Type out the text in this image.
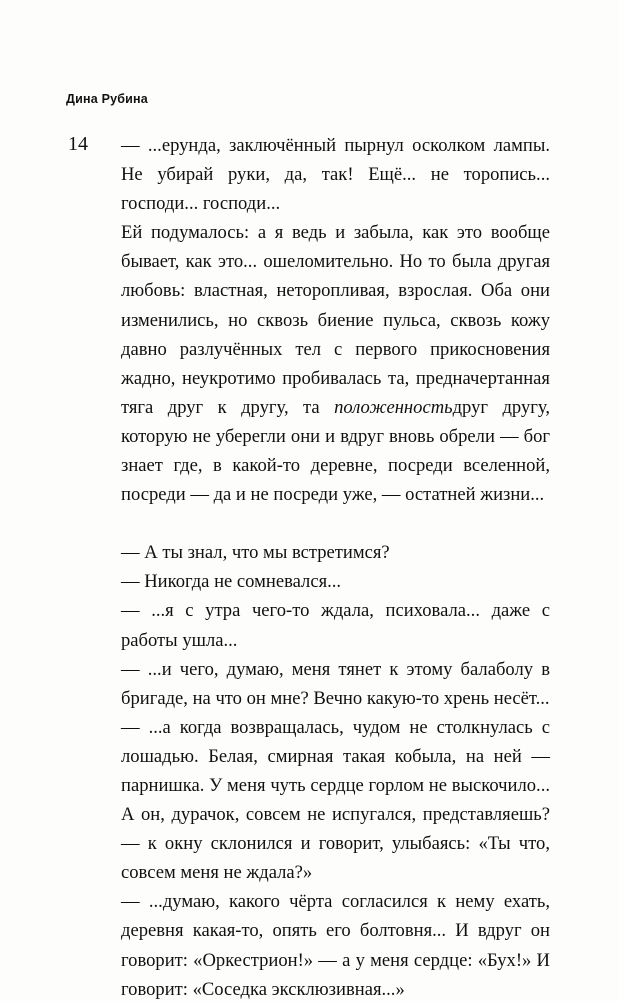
Дина Рубина
14 — ...ерунда, заключённый пырнул осколком лампы. Не убирай руки, да, так! Ещё... не торопись... господи... господи...

Ей подумалось: а я ведь и забыла, как это вообще бывает, как это... ошеломительно. Но то была другая любовь: властная, неторопливая, взрослая. Оба они изменились, но сквозь биение пульса, сквозь кожу давно разлучённых тел с первого прикосновения жадно, неукротимо пробивалась та, предначертанная тяга друг к другу, та положенностьдруг другу, которую не уберегли они и вдруг вновь обрели — бог знает где, в какой-то деревне, посреди вселенной, посреди — да и не посреди уже, — остатней жизни...

— А ты знал, что мы встретимся?

— Никогда не сомневался...

— ...я с утра чего-то ждала, психовала... даже с работы ушла...

— ...и чего, думаю, меня тянет к этому балаболу в бригаде, на что он мне? Вечно какую-то хрень несёт...

— ...а когда возвращалась, чудом не столкнулась с лошадью. Белая, смирная такая кобыла, на ней — парнишка. У меня чуть сердце горлом не выскочило... А он, дурачок, совсем не испугался, представляешь? — к окну склонился и говорит, улыбаясь: «Ты что, совсем меня не ждала?»

— ...думаю, какого чёрта согласился к нему ехать, деревня какая-то, опять его болтовня... И вдруг он говорит: «Оркестрион!» — а у меня сердце: «Бух!» И говорит: «Соседка эксклюзивная...»
